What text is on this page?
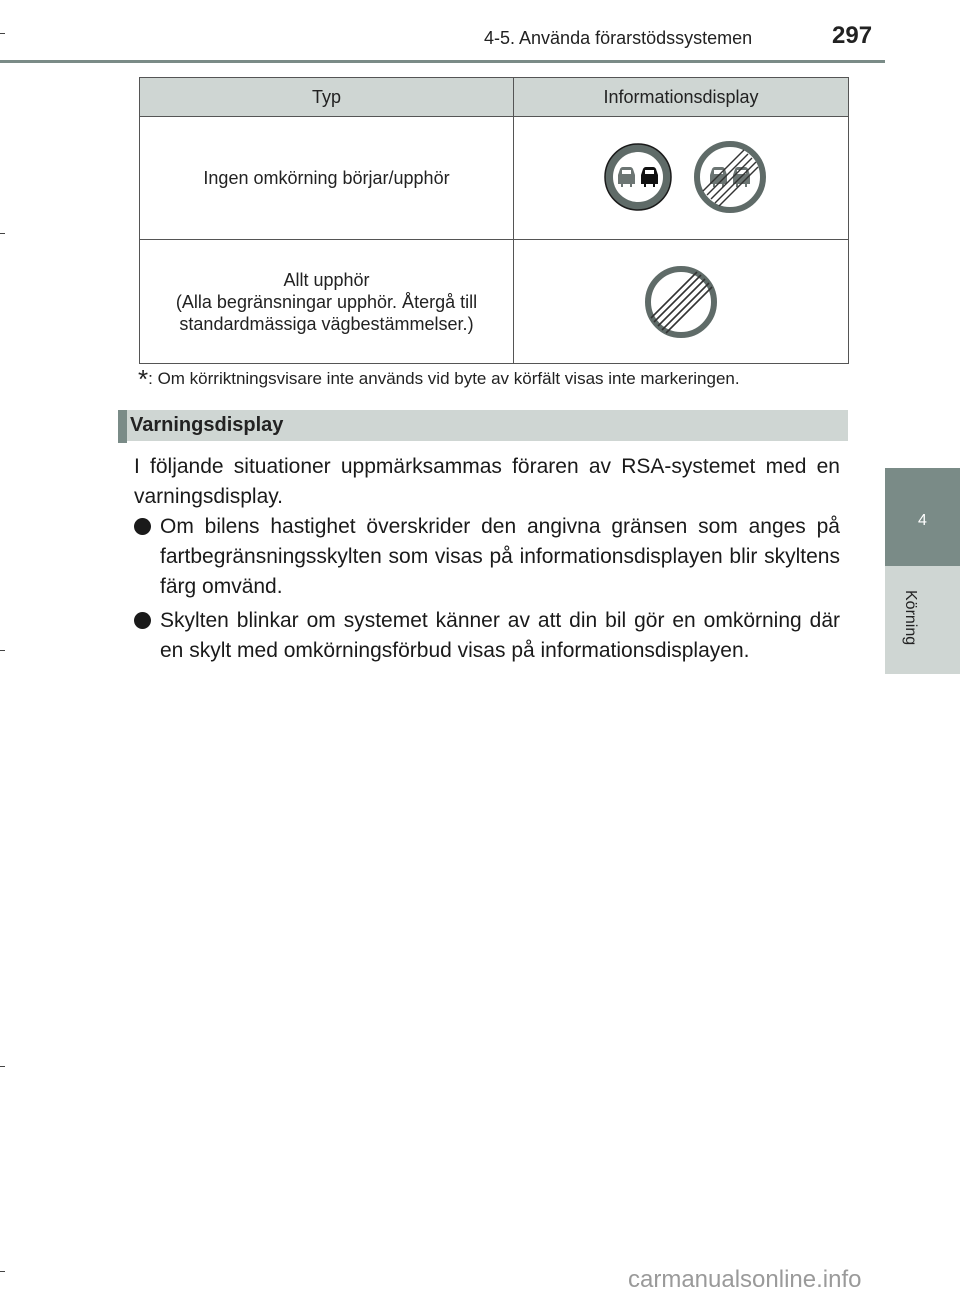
4-5. Använda förarstödssystemen	297
4
Körning
Typ	Informationsdisplay
Ingen omkörning börjar/upphör	

Allt upphör
(Alla begränsningar upphör. Återgå till
standardmässiga vägbestämmelser.)

*: Om körriktningsvisare inte används vid byte av körfält visas inte markeringen.
Varningsdisplay
I följande situationer uppmärksammas föraren av RSA-systemet med en varningsdisplay.
Om bilens hastighet överskrider den angivna gränsen som anges på fartbegränsningsskylten som visas på informationsdisplayen blir skyltens färg omvänd.
Skylten blinkar om systemet känner av att din bil gör en omkörning där en skylt med omkörningsförbud visas på informationsdisplayen.
carmanualsonline.info
